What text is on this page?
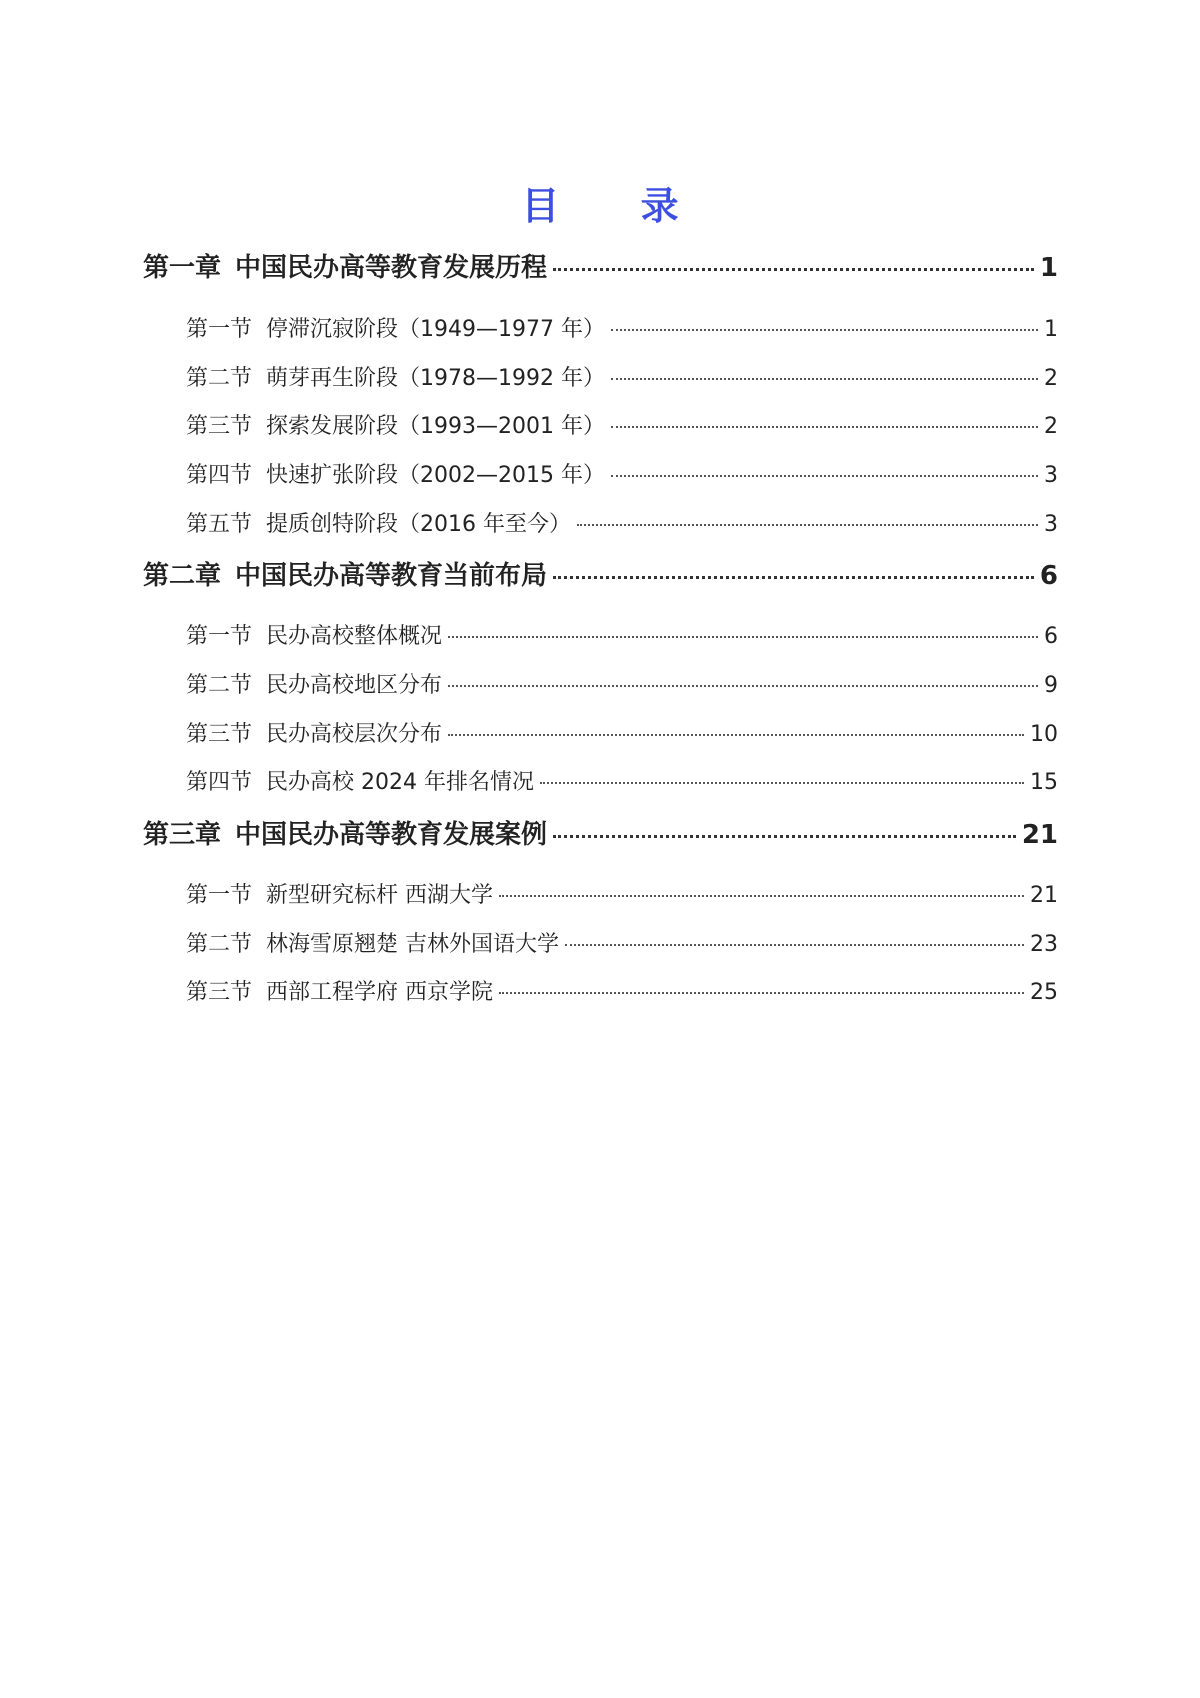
目 录
第一章 中国民办高等教育发展历程	1
第一节 停滞沉寂阶段（1949—1977 年）	1
第二节 萌芽再生阶段（1978—1992 年）	2
第三节 探索发展阶段（1993—2001 年）	2
第四节 快速扩张阶段（2002—2015 年）	3
第五节 提质创特阶段（2016 年至今）	3
第二章 中国民办高等教育当前布局	6
第一节 民办高校整体概况	6
第二节 民办高校地区分布	9
第三节 民办高校层次分布	10
第四节 民办高校 2024 年排名情况	15
第三章 中国民办高等教育发展案例	21
第一节 新型研究标杆 西湖大学	21
第二节 林海雪原翘楚 吉林外国语大学	23
第三节 西部工程学府 西京学院	25
